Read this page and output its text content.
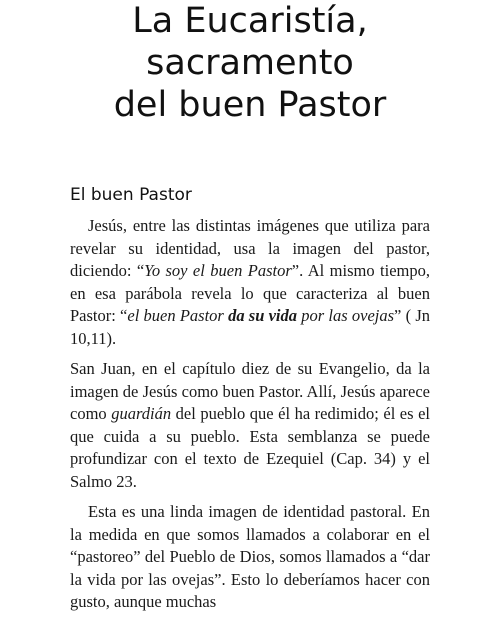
La Eucaristía,
sacramento
del buen Pastor
El buen Pastor

Jesús, entre las distintas imágenes que utiliza para revelar su identidad, usa la imagen del pastor, diciendo: “Yo soy el buen Pastor”. Al mismo tiempo, en esa parábola revela lo que caracteriza al buen Pastor: “el buen Pastor da su vida por las ovejas” ( Jn 10,11).

San Juan, en el capítulo diez de su Evangelio, da la imagen de Jesús como buen Pastor. Allí, Jesús aparece como guardián del pueblo que él ha redimido; él es el que cuida a su pueblo. Esta semblanza se puede profundizar con el texto de Ezequiel (Cap. 34) y el Salmo 23.

Esta es una linda imagen de identidad pastoral. En la medida en que somos llamados a colaborar en el “pastoreo” del Pueblo de Dios, somos llamados a “dar la vida por las ovejas”. Esto lo deberíamos hacer con gusto, aunque muchas
